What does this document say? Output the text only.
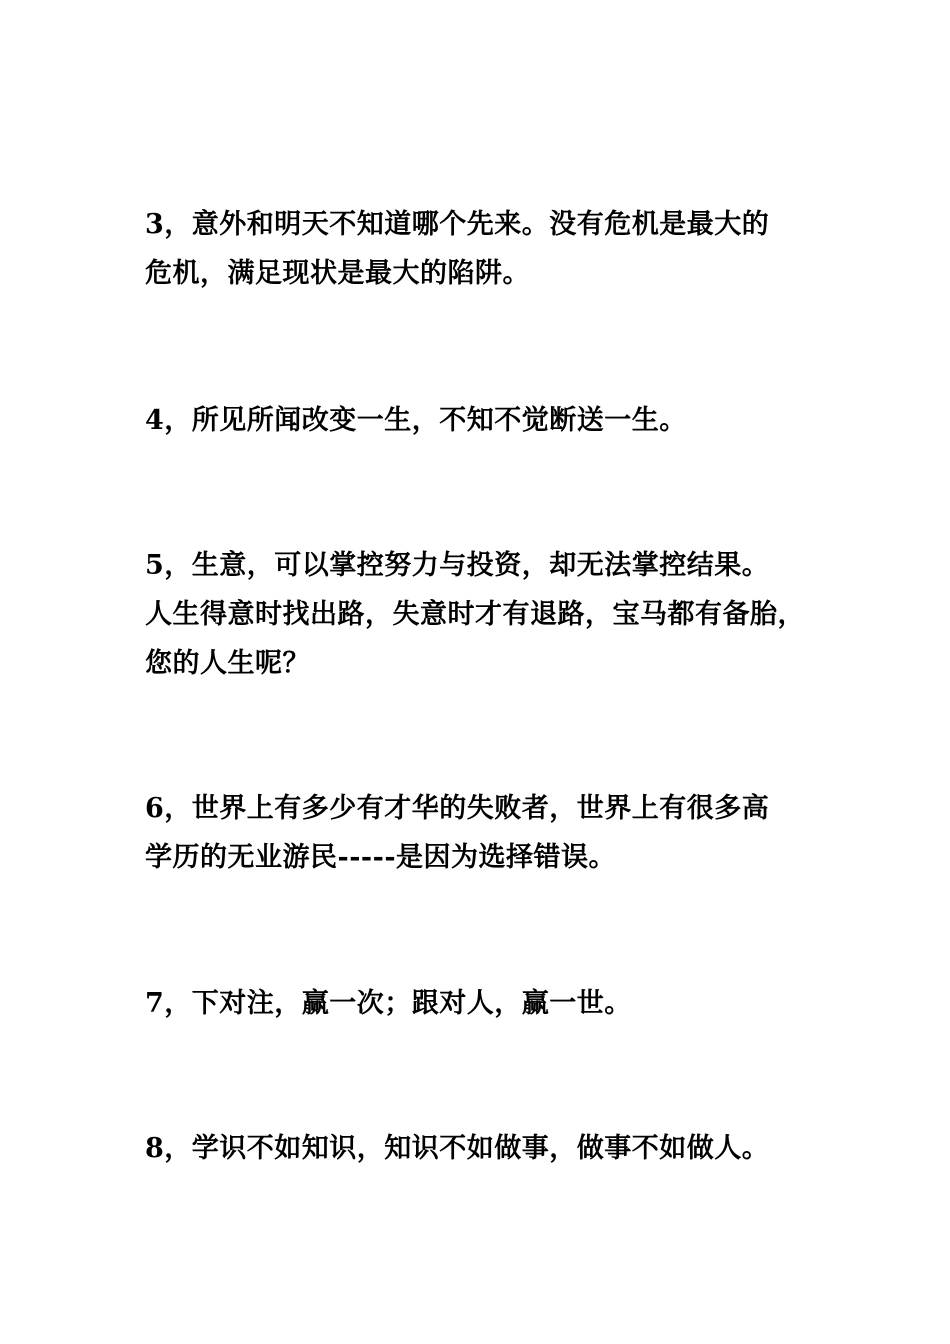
3，意外和明天不知道哪个先来。没有危机是最大的
危机，满足现状是最大的陷阱。

4，所见所闻改变一生，不知不觉断送一生。

5，生意，可以掌控努力与投资，却无法掌控结果。
人生得意时找出路，失意时才有退路，宝马都有备胎，
您的人生呢？

6，世界上有多少有才华的失败者，世界上有很多高
学历的无业游民-----是因为选择错误。

7，下对注，赢一次；跟对人，赢一世。

8，学识不如知识，知识不如做事，做事不如做人。
